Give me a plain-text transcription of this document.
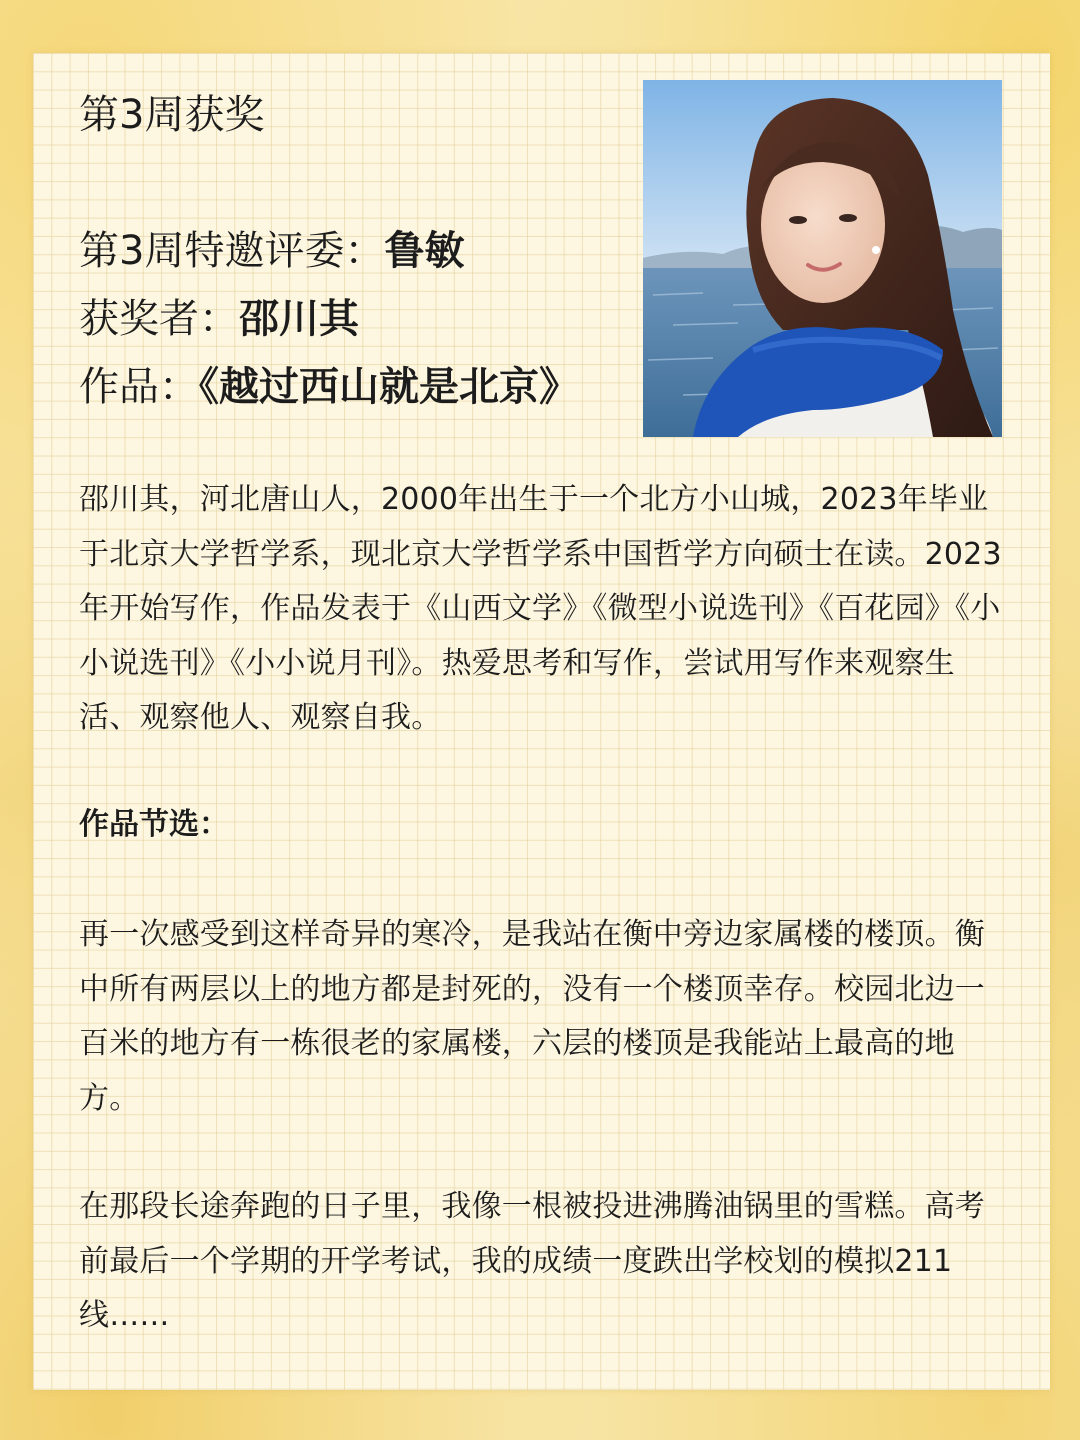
第3周获奖
第3周特邀评委：鲁敏
获奖者：邵川其
作品：《越过西山就是北京》
邵川其，河北唐山人，2000年出生于一个北方小山城，2023年毕业于北京大学哲学系，现北京大学哲学系中国哲学方向硕士在读。2023年开始写作，作品发表于《山西文学》《微型小说选刊》《百花园》《小小说选刊》《小小说月刊》。热爱思考和写作，尝试用写作来观察生活、观察他人、观察自我。
作品节选：
再一次感受到这样奇异的寒冷，是我站在衡中旁边家属楼的楼顶。衡中所有两层以上的地方都是封死的，没有一个楼顶幸存。校园北边一百米的地方有一栋很老的家属楼，六层的楼顶是我能站上最高的地方。
在那段长途奔跑的日子里，我像一根被投进沸腾油锅里的雪糕。高考前最后一个学期的开学考试，我的成绩一度跌出学校划的模拟211线……
